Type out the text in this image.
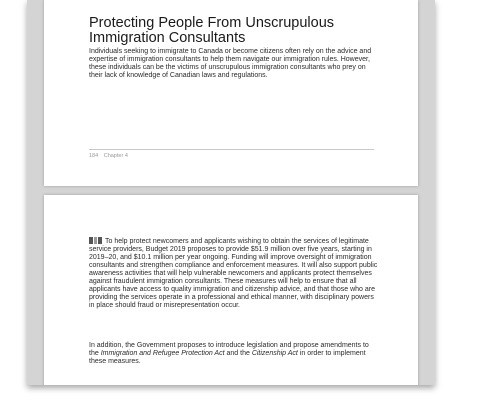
Protecting People From Unscrupulous Immigration Consultants

Individuals seeking to immigrate to Canada or become citizens often rely on the advice and expertise of immigration consultants to help them navigate our immigration rules. However, these individuals can be the victims of unscrupulous immigration consultants who prey on their lack of knowledge of Canadian laws and regulations.

184 Chapter 4

To help protect newcomers and applicants wishing to obtain the services of legitimate service providers, Budget 2019 proposes to provide $51.9 million over five years, starting in 2019–20, and $10.1 million per year ongoing. Funding will improve oversight of immigration consultants and strengthen compliance and enforcement measures. It will also support public awareness activities that will help vulnerable newcomers and applicants protect themselves against fraudulent immigration consultants. These measures will help to ensure that all applicants have access to quality immigration and citizenship advice, and that those who are providing the services operate in a professional and ethical manner, with disciplinary powers in place should fraud or misrepresentation occur.

In addition, the Government proposes to introduce legislation and propose amendments to the Immigration and Refugee Protection Act and the Citizenship Act in order to implement these measures.
